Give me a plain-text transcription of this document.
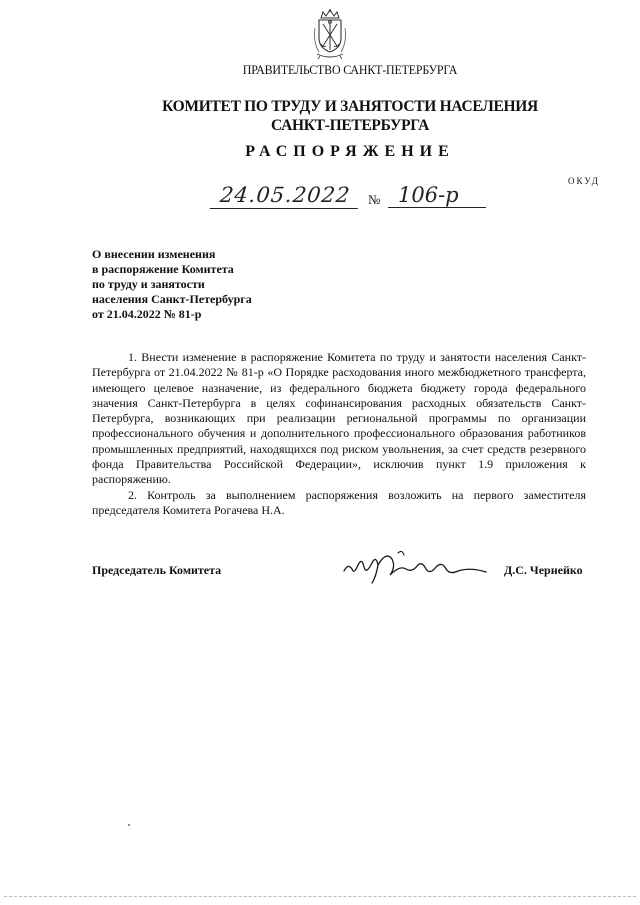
ПРАВИТЕЛЬСТВО САНКТ-ПЕТЕРБУРГА
КОМИТЕТ ПО ТРУДУ И ЗАНЯТОСТИ НАСЕЛЕНИЯ
САНКТ-ПЕТЕРБУРГА
РАСПОРЯЖЕНИЕ
ОКУД
24.05.2022	№ 106-р
О внесении изменения
в распоряжение Комитета
по труду и занятости
населения Санкт-Петербурга
от 21.04.2022 № 81-р

1. Внести изменение в распоряжение Комитета по труду и занятости населения Санкт-Петербурга от 21.04.2022 № 81-р «О Порядке расходования иного межбюджетного трансферта, имеющего целевое назначение, из федерального бюджета бюджету города федерального значения Санкт-Петербурга в целях софинансирования расходных обязательств Санкт-Петербурга, возникающих при реализации региональной программы по организации профессионального обучения и дополнительного профессионального образования работников промышленных предприятий, находящихся под риском увольнения, за счет средств резервного фонда Правительства Российской Федерации», исключив пункт 1.9 приложения к распоряжению.

2. Контроль за выполнением распоряжения возложить на первого заместителя председателя Комитета Рогачева Н.А.

Председатель Комитета	Д.С. Чернейко
